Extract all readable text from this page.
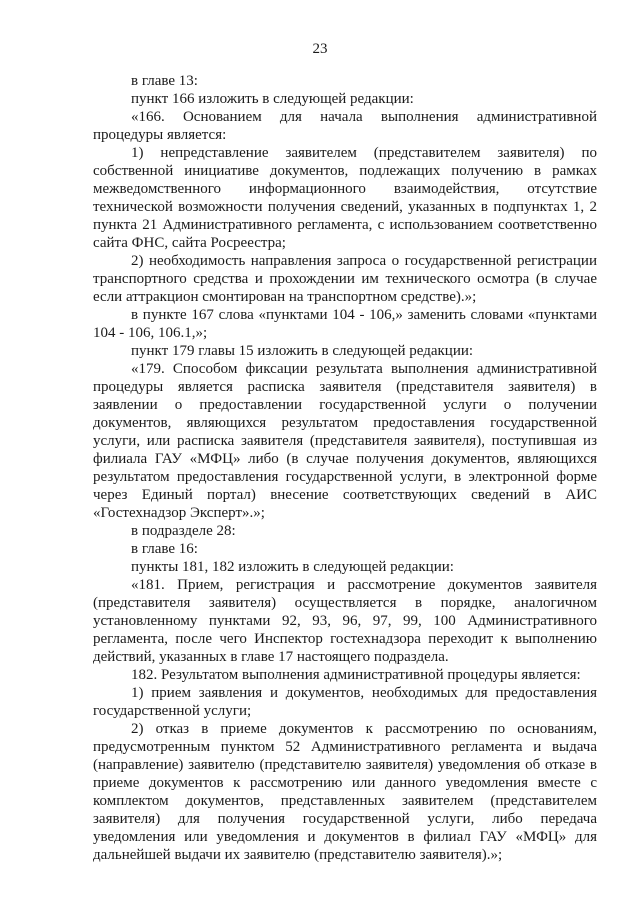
23

в главе 13:

пункт 166 изложить в следующей редакции:

«166. Основанием для начала выполнения административной процедуры является:

1) непредставление заявителем (представителем заявителя) по собственной инициативе документов, подлежащих получению в рамках межведомственного информационного взаимодействия, отсутствие технической возможности получения сведений, указанных в подпунктах 1, 2 пункта 21 Административного регламента, с использованием соответственно сайта ФНС, сайта Росреестра;

2) необходимость направления запроса о государственной регистрации транспортного средства и прохождении им технического осмотра (в случае если аттракцион смонтирован на транспортном средстве).»;

в пункте 167 слова «пунктами 104 - 106,» заменить словами «пунктами 104 - 106, 106.1,»;

пункт 179 главы 15 изложить в следующей редакции:

«179. Способом фиксации результата выполнения административной процедуры является расписка заявителя (представителя заявителя) в заявлении о предоставлении государственной услуги о получении документов, являющихся результатом предоставления государственной услуги, или расписка заявителя (представителя заявителя), поступившая из филиала ГАУ «МФЦ» либо (в случае получения документов, являющихся результатом предоставления государственной услуги, в электронной форме через Единый портал) внесение соответствующих сведений в АИС «Гостехнадзор Эксперт».»;

в подразделе 28:

в главе 16:

пункты 181, 182 изложить в следующей редакции:

«181. Прием, регистрация и рассмотрение документов заявителя (представителя заявителя) осуществляется в порядке, аналогичном установленному пунктами 92, 93, 96, 97, 99, 100 Административного регламента, после чего Инспектор гостехнадзора переходит к выполнению действий, указанных в главе 17 настоящего подраздела.

182. Результатом выполнения административной процедуры является:

1) прием заявления и документов, необходимых для предоставления государственной услуги;

2) отказ в приеме документов к рассмотрению по основаниям, предусмотренным пунктом 52 Административного регламента и выдача (направление) заявителю (представителю заявителя) уведомления об отказе в приеме документов к рассмотрению или данного уведомления вместе с комплектом документов, представленных заявителем (представителем заявителя) для получения государственной услуги, либо передача уведомления или уведомления и документов в филиал ГАУ «МФЦ» для дальнейшей выдачи их заявителю (представителю заявителя).»;
